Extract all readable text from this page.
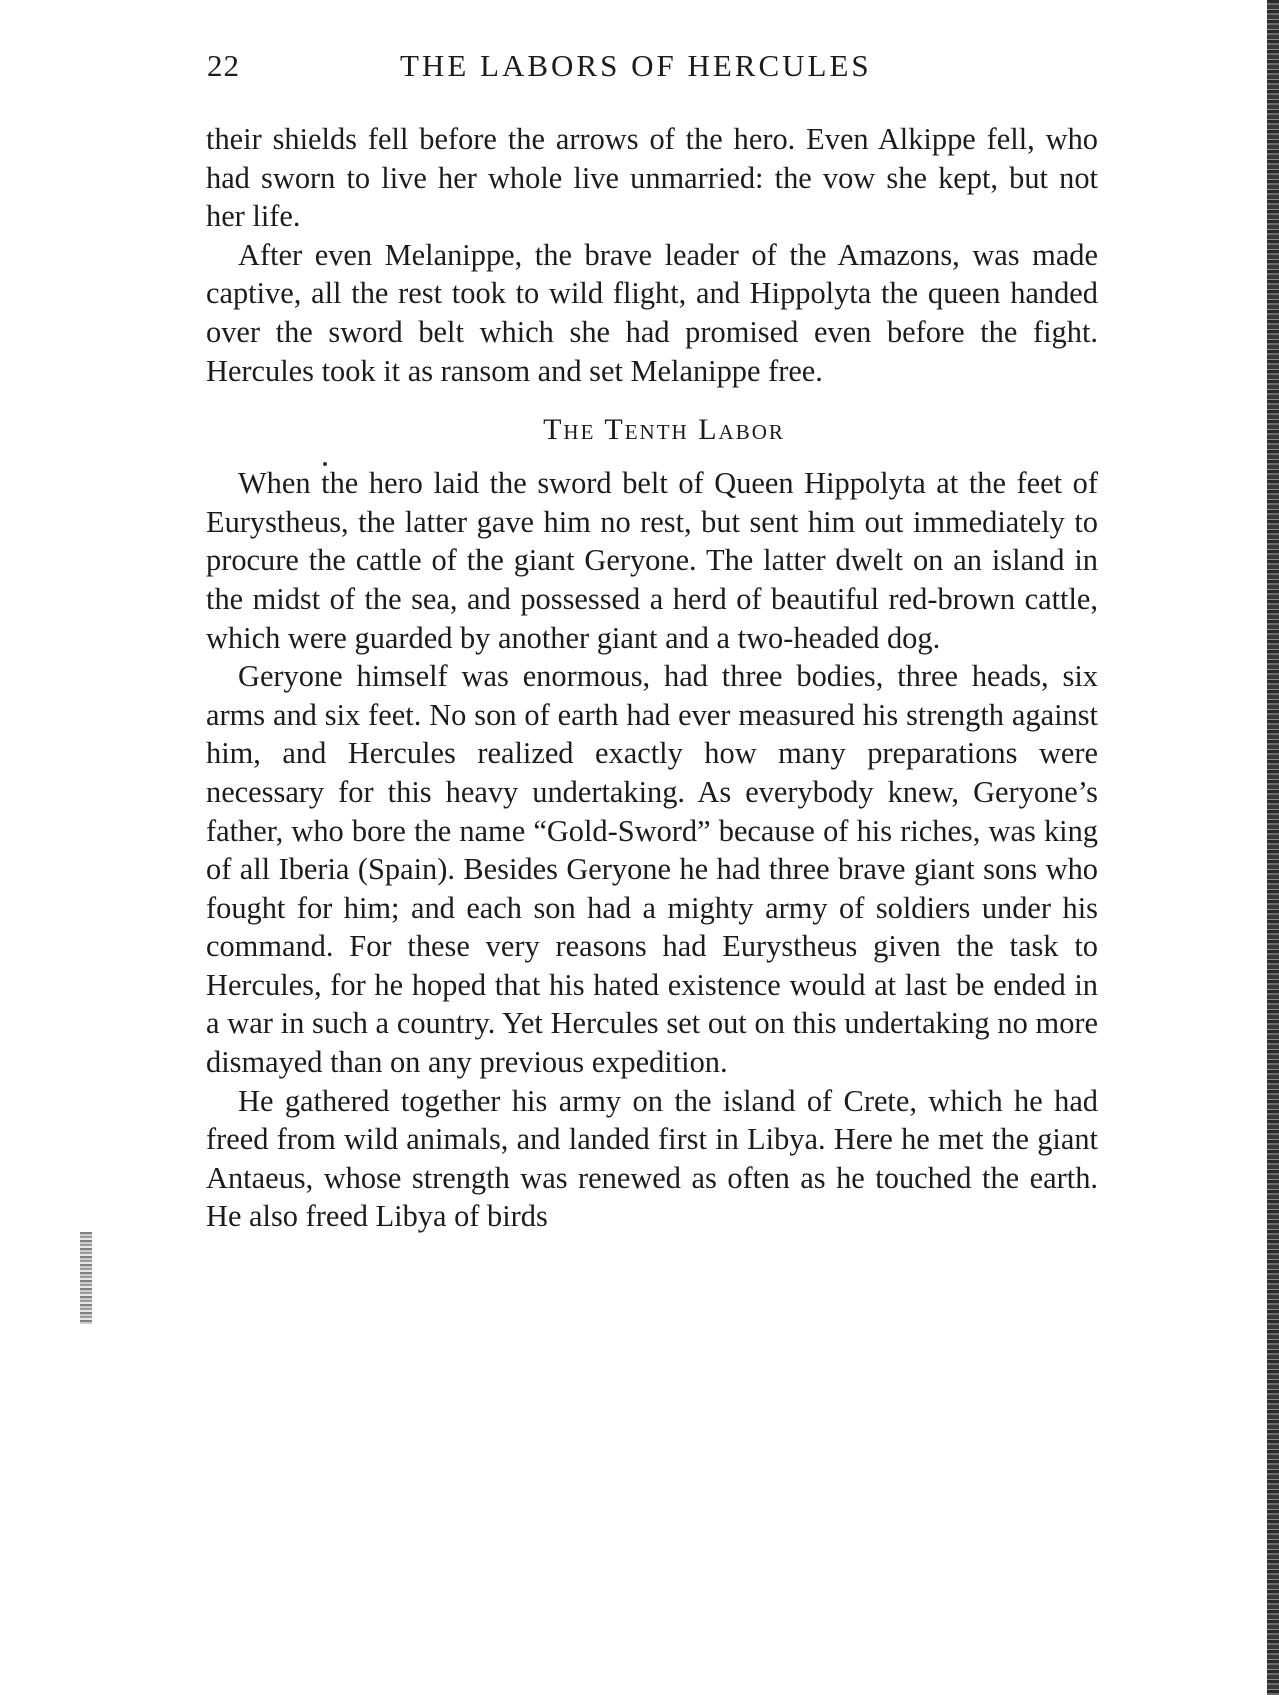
22	THE LABORS OF HERCULES

their shields fell before the arrows of the hero. Even Alkippe fell, who had sworn to live her whole live unmarried: the vow she kept, but not her life.

After even Melanippe, the brave leader of the Amazons, was made captive, all the rest took to wild flight, and Hippolyta the queen handed over the sword belt which she had promised even before the fight. Hercules took it as ransom and set Melanippe free.

The Tenth Labor

When the hero laid the sword belt of Queen Hippolyta at the feet of Eurystheus, the latter gave him no rest, but sent him out immediately to procure the cattle of the giant Geryone. The latter dwelt on an island in the midst of the sea, and possessed a herd of beautiful red-brown cattle, which were guarded by another giant and a two-headed dog.

Geryone himself was enormous, had three bodies, three heads, six arms and six feet. No son of earth had ever measured his strength against him, and Hercules realized exactly how many preparations were necessary for this heavy undertaking. As everybody knew, Geryone’s father, who bore the name “Gold-Sword” because of his riches, was king of all Iberia (Spain). Besides Geryone he had three brave giant sons who fought for him; and each son had a mighty army of soldiers under his command. For these very reasons had Eurystheus given the task to Hercules, for he hoped that his hated existence would at last be ended in a war in such a country. Yet Hercules set out on this undertaking no more dismayed than on any previous expedition.

He gathered together his army on the island of Crete, which he had freed from wild animals, and landed first in Libya. Here he met the giant Antaeus, whose strength was renewed as often as he touched the earth. He also freed Libya of birds
